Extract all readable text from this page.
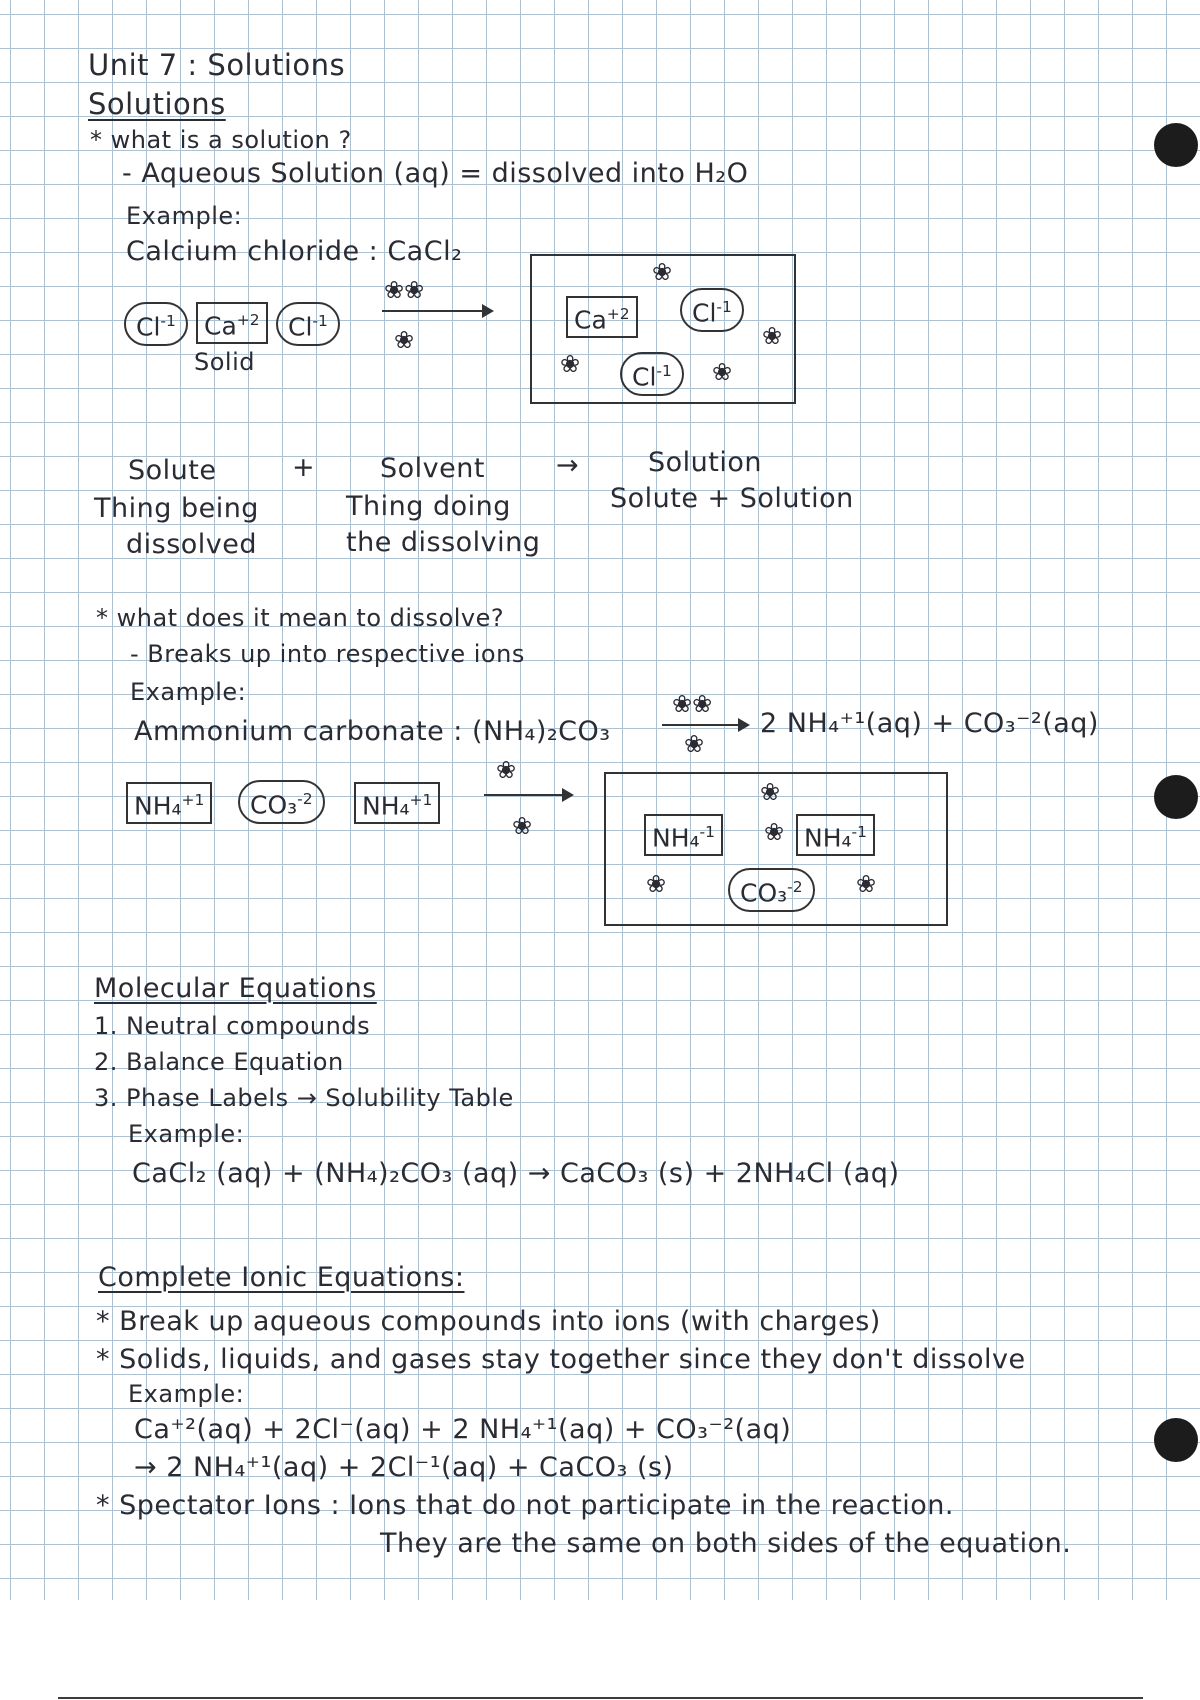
Unit 7 : Solutions
Solutions
* what is a solution ?
- Aqueous Solution (aq) = dissolved into H₂O
Example:
Calcium chloride : CaCl₂
$Cl^{-1}$	$Ca^{+2}$	$Cl^{-1}$
Solid
❀❀
❀
$Ca^{+2}$	$Cl^{-1}$
$Cl^{-1}$
❀
❀
❀	❀
Solute	+ Solvent	→	Solution
Thing being
dissolved
Thing doing
the dissolving
Solute + Solution
* what does it mean to dissolve?
- Breaks up into respective ions
Example:
Ammonium carbonate : (NH₄)₂CO₃
❀❀
❀
2 NH₄⁺¹(aq) + CO₃⁻²(aq)
NH₄$^{+1}$	CO₃$^{-2}$	NH₄$^{+1}$
❀
❀	NH₄$^{-1}$	NH₄$^{-1}$
CO₃$^{-2}$
❀
❀
❀	❀
Molecular Equations
1. Neutral compounds
2. Balance Equation
3. Phase Labels → Solubility Table
Example:
CaCl₂ (aq) + (NH₄)₂CO₃ (aq) → CaCO₃ (s) + 2NH₄Cl (aq)
Complete Ionic Equations:
* Break up aqueous compounds into ions (with charges)
* Solids, liquids, and gases stay together since they don't dissolve
Example:
Ca⁺²(aq) + 2Cl⁻(aq) + 2 NH₄⁺¹(aq) + CO₃⁻²(aq)
→ 2 NH₄⁺¹(aq) + 2Cl⁻¹(aq) + CaCO₃ (s)
* Spectator Ions : Ions that do not participate in the reaction.
They are the same on both sides of the equation.
